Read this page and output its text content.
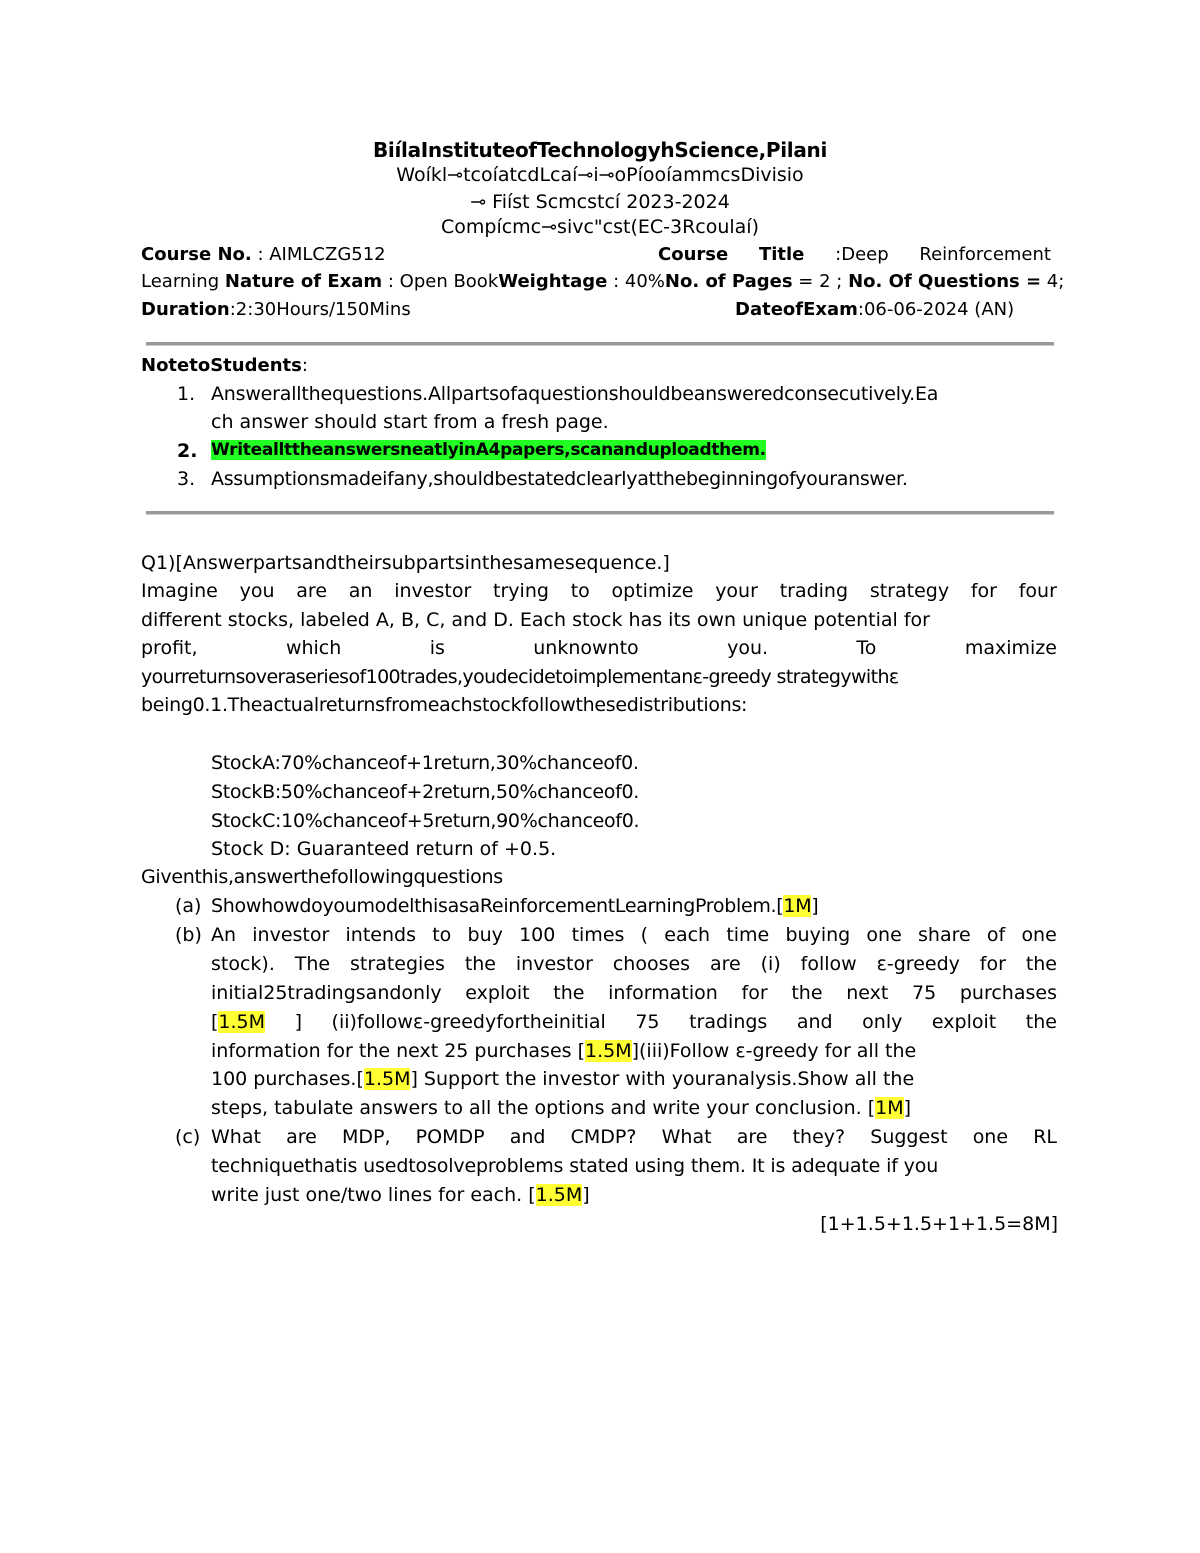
BiílaInstituteofTechnologyhScience,Pilani
Woíkl⊸tcoíatcdLcaí⊸i⊸oPíooíammcsDivisio
⊸ Fiíst Scmcstcí 2023-2024
Compícmc⊸sivc"cst(EC-3Rcoulaí)
Course No. : AIMLCZG512	Course Title :Deep Reinforcement
Learning Nature of Exam : Open BookWeightage : 40%No. of Pages = 2 ; No. Of Questions = 4;
Duration:2:30Hours/150Mins	DateofExam:06-06-2024 (AN)
NotetoStudents:
1. Answerallthequestions.Allpartsofaquestionshouldbeansweredconsecutively.Ea
ch answer should start from a fresh page.
2. WriteallttheanswersneatlyinA4papers,scananduploadthem.
3. Assumptionsmadeifany,shouldbestatedclearlyatthebeginningofyouranswer.
Q1)[Answerpartsandtheirsubpartsinthesamesequence.]
Imagine you are an investor trying to optimize your trading strategy for four
different stocks, labeled A, B, C, and D. Each stock has its own unique potential for
profit,	which	is	unknownto	you.	To	maximize
yourreturnsoveraseriesof100trades,youdecidetoimplementanε-greedy strategywithε
being0.1.Theactualreturnsfromeachstockfollowthesedistributions:
StockA:70%chanceof+1return,30%chanceof0.
StockB:50%chanceof+2return,50%chanceof0.
StockC:10%chanceof+5return,90%chanceof0.
Stock D: Guaranteed return of +0.5.
Giventhis,answerthefollowingquestions
(a) ShowhowdoyoumodelthisasaReinforcementLearningProblem.[1M]
(b) An investor intends to buy 100 times ( each time buying one share of one
stock). The strategies the investor chooses are (i) follow ε-greedy for the
initial25tradingsandonly exploit the information for the next 75 purchases
[1.5M ] (ii)followε-greedyfortheinitial 75 tradings and only exploit the
information for the next 25 purchases [1.5M](iii)Follow ε-greedy for all the
100 purchases.[1.5M] Support the investor with youranalysis.Show all the
steps, tabulate answers to all the options and write your conclusion. [1M]
(c) What are MDP, POMDP and CMDP? What are they? Suggest one RL
techniquethatis usedtosolveproblems stated using them. It is adequate if you
write just one/two lines for each. [1.5M]
[1+1.5+1.5+1+1.5=8M]
